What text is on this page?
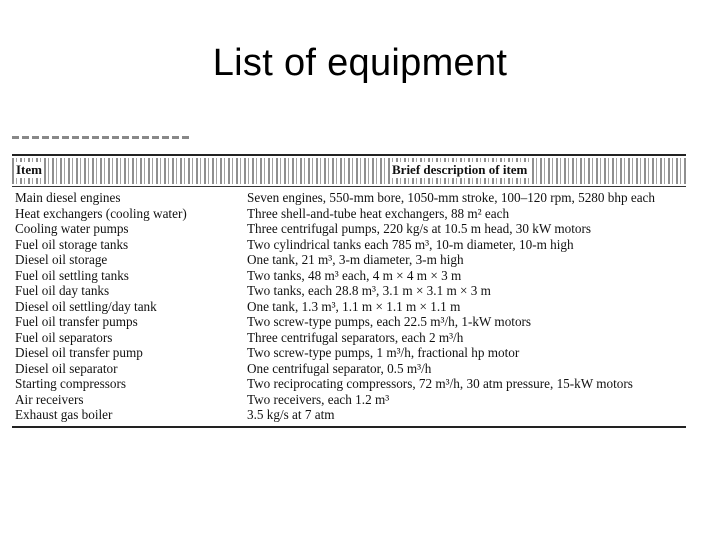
List of equipment
Item	Brief description of item
Main diesel engines	Seven engines, 550-mm bore, 1050-mm stroke, 100–120 rpm, 5280 bhp each
Heat exchangers (cooling water)	Three shell-and-tube heat exchangers, 88 m² each
Cooling water pumps	Three centrifugal pumps, 220 kg/s at 10.5 m head, 30 kW motors
Fuel oil storage tanks	Two cylindrical tanks each 785 m³, 10-m diameter, 10-m high
Diesel oil storage	One tank, 21 m³, 3-m diameter, 3-m high
Fuel oil settling tanks	Two tanks, 48 m³ each, 4 m × 4 m × 3 m
Fuel oil day tanks	Two tanks, each 28.8 m³, 3.1 m × 3.1 m × 3 m
Diesel oil settling/day tank	One tank, 1.3 m³, 1.1 m × 1.1 m × 1.1 m
Fuel oil transfer pumps	Two screw-type pumps, each 22.5 m³/h, 1-kW motors
Fuel oil separators	Three centrifugal separators, each 2 m³/h
Diesel oil transfer pump	Two screw-type pumps, 1 m³/h, fractional hp motor
Diesel oil separator	One centrifugal separator, 0.5 m³/h
Starting compressors	Two reciprocating compressors, 72 m³/h, 30 atm pressure, 15-kW motors
Air receivers	Two receivers, each 1.2 m³
Exhaust gas boiler	3.5 kg/s at 7 atm
